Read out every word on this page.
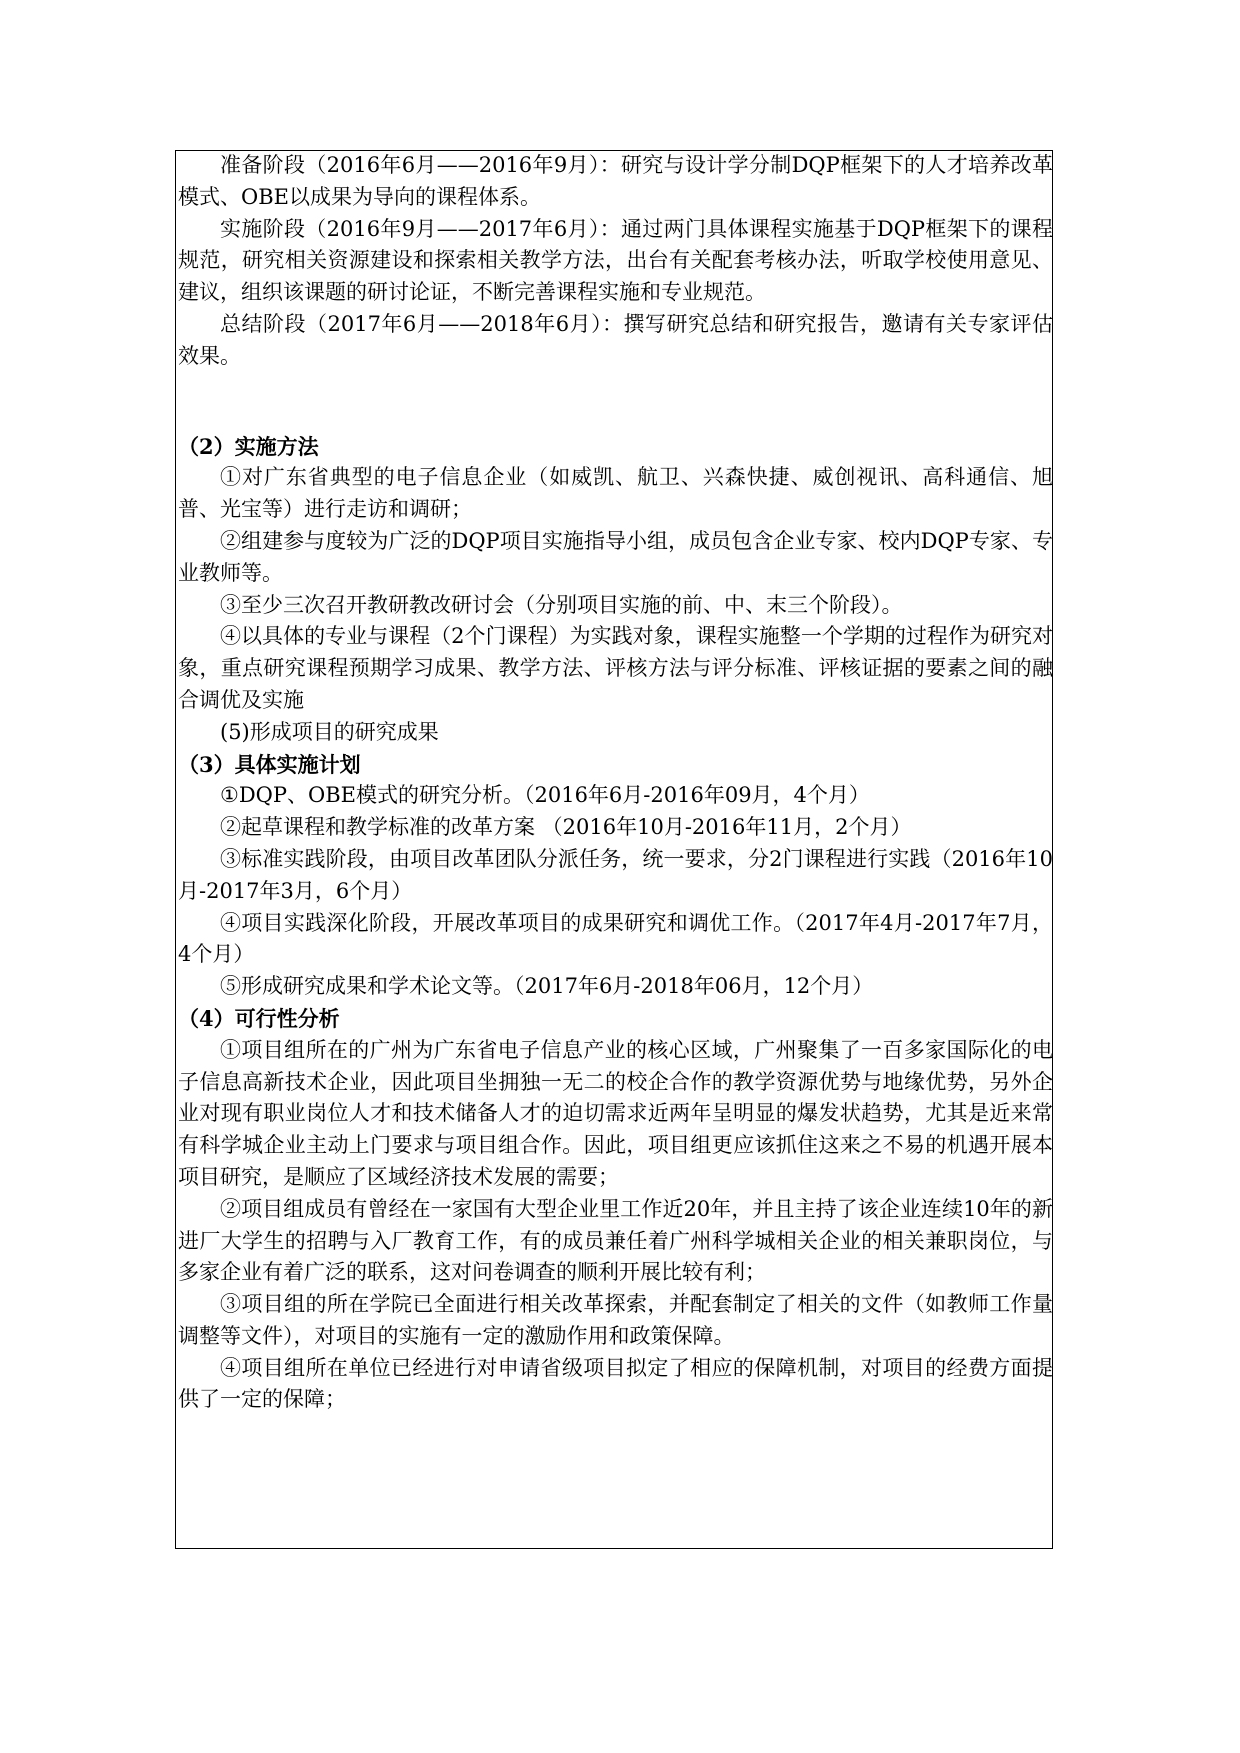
准备阶段（2016年6月——2016年9月）：研究与设计学分制DQP框架下的人才培养改革模式、OBE以成果为导向的课程体系。

实施阶段（2016年9月——2017年6月）：通过两门具体课程实施基于DQP框架下的课程规范，研究相关资源建设和探索相关教学方法，出台有关配套考核办法，听取学校使用意见、建议，组织该课题的研讨论证，不断完善课程实施和专业规范。

总结阶段（2017年6月——2018年6月）：撰写研究总结和研究报告，邀请有关专家评估效果。

（2）实施方法

①对广东省典型的电子信息企业（如威凯、航卫、兴森快捷、威创视讯、高科通信、旭普、光宝等）进行走访和调研；

②组建参与度较为广泛的DQP项目实施指导小组，成员包含企业专家、校内DQP专家、专业教师等。

③至少三次召开教研教改研讨会（分别项目实施的前、中、末三个阶段）。

④以具体的专业与课程（2个门课程）为实践对象，课程实施整一个学期的过程作为研究对象，重点研究课程预期学习成果、教学方法、评核方法与评分标准、评核证据的要素之间的融合调优及实施

(5)形成项目的研究成果

（3）具体实施计划

①DQP、OBE模式的研究分析。（2016年6月-2016年09月，4个月）

②起草课程和教学标准的改革方案 （2016年10月-2016年11月，2个月）

③标准实践阶段，由项目改革团队分派任务，统一要求，分2门课程进行实践（2016年10月-2017年3月，6个月）

④项目实践深化阶段，开展改革项目的成果研究和调优工作。（2017年4月-2017年7月，4个月）

⑤形成研究成果和学术论文等。（2017年6月-2018年06月，12个月）

（4）可行性分析

①项目组所在的广州为广东省电子信息产业的核心区域，广州聚集了一百多家国际化的电子信息高新技术企业，因此项目坐拥独一无二的校企合作的教学资源优势与地缘优势，另外企业对现有职业岗位人才和技术储备人才的迫切需求近两年呈明显的爆发状趋势，尤其是近来常有科学城企业主动上门要求与项目组合作。因此，项目组更应该抓住这来之不易的机遇开展本项目研究，是顺应了区域经济技术发展的需要；

②项目组成员有曾经在一家国有大型企业里工作近20年，并且主持了该企业连续10年的新进厂大学生的招聘与入厂教育工作，有的成员兼任着广州科学城相关企业的相关兼职岗位，与多家企业有着广泛的联系，这对问卷调查的顺利开展比较有利；

③项目组的所在学院已全面进行相关改革探索，并配套制定了相关的文件（如教师工作量调整等文件），对项目的实施有一定的激励作用和政策保障。

④项目组所在单位已经进行对申请省级项目拟定了相应的保障机制，对项目的经费方面提供了一定的保障；
